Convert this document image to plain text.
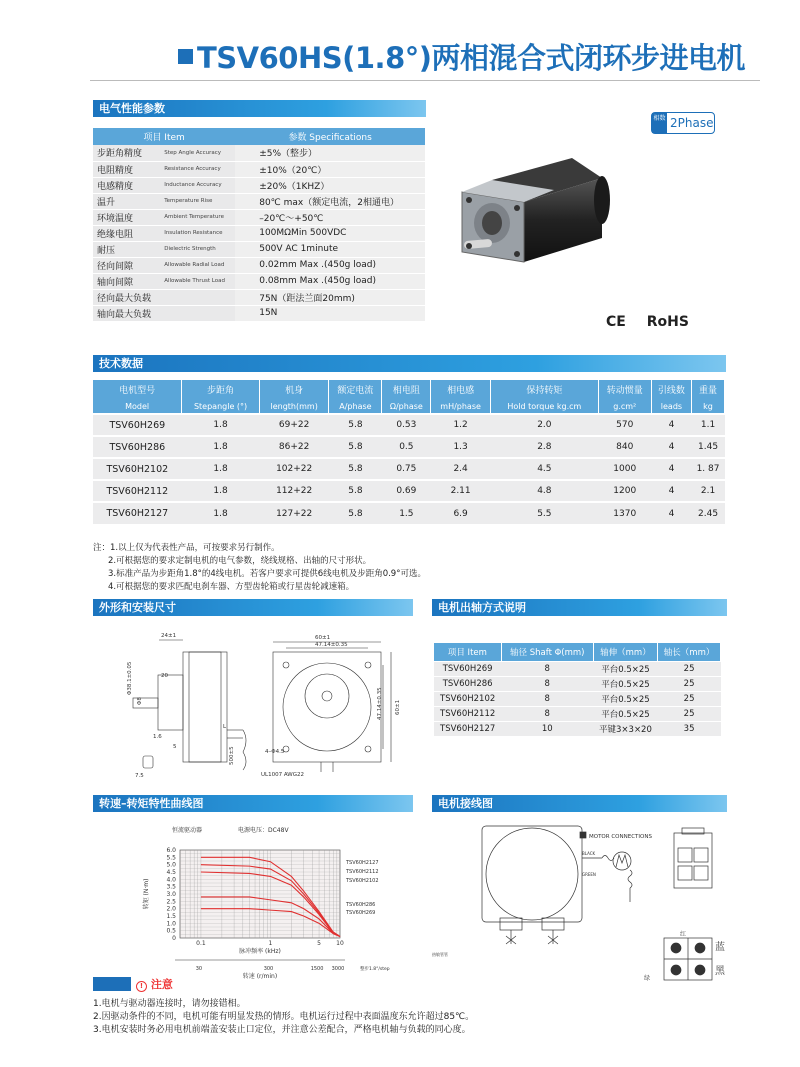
TSV60HS(1.8°)两相混合式闭环步进电机
电气性能参数
项目 Item		参数 Specifications
步距角精度	Step Angle Accuracy	±5%（整步）
电阻精度	Resistance Accuracy	±10%（20℃）
电感精度	Inductance Accuracy	±20%（1KHZ）
温升	Temperature Rise	80℃ max（额定电流，2相通电）
环境温度	Ambient Temperature	–20℃～+50℃
绝缘电阻	Insulation Resistance	100MΩMin 500VDC
耐压	Dielectric Strength	500V AC 1minute
径向间隙	Allowable Radial Load	0.02mm Max .(450g load)
轴向间隙	Allowable Thrust Load	0.08mm Max .(450g load)
径向最大负载		75N（距法兰面20mm)
轴向最大负载		15N
相数 2Phase
CE RoHS
技术数据
电机型号	步距角	机身	额定电流	相电阻	相电感	保持转矩	转动惯量	引线数	重量
Model	Stepangle (°)	length(mm)	A/phase	Ω/phase	mH/phase	Hold torque kg.cm	g.cm²	leads	kg
TSV60H269	1.8	69+22	5.8	0.53	1.2	2.0	570	4	1.1
TSV60H286	1.8	86+22	5.8	0.5	1.3	2.8	840	4	1.45
TSV60H2102	1.8	102+22	5.8	0.75	2.4	4.5	1000	4	1. 87
TSV60H2112	1.8	112+22	5.8	0.69	2.11	4.8	1200	4	2.1
TSV60H2127	1.8	127+22	5.8	1.5	6.9	5.5	1370	4	2.45
注：1.以上仅为代表性产品，可按要求另行制作。
2.可根据您的要求定制电机的电气参数，绕线规格、出轴的尺寸形状。
3.标准产品为步距角1.8°的4线电机。若客户要求可提供6线电机及步距角0.9°可选。
4.可根据您的要求匹配电刹车器、方型齿轮箱或行星齿轮减速箱。
外形和安装尺寸
24±1	60±1
47.14±0.35
20
Φ38.1±0.05
Φ8
1.6
5
7.5
4–Φ4.5
L
500±5
UL1007 AWG22
47.14±0.35 60±1
电机出轴方式说明
项目 Item	轴径 Shaft Φ(mm)	轴伸（mm）	轴长（mm）
TSV60H269	8	平台0.5×25	25
TSV60H286	8	平台0.5×25	25
TSV60H2102	8	平台0.5×25	25
TSV60H2112	8	平台0.5×25	25
TSV60H2127	10	平键3×3×20	35
转速–转矩特性曲线图
0
0.5
1.0
1.5
2.0
2.5
3.0
3.5
4.0
4.5
5.0
5.5
6.0
0.1	1	5	10
30	300	1500 3000
脉冲频率 (kHz)
转速 (r/min)
整步1.8°/step
转矩 (N·m)
恒流驱动器	电源电压：DC48V
TSV60H2127
TSV60H2112
TSV60H2102
TSV60H286
TSV60H269
电机接线图
MOTOR CONNECTIONS
BLACK
GREEN
热敏管管
蓝
黑
绿
红
! 注意
1.电机与驱动器连接时，请勿接错相。
2.因驱动条件的不同，电机可能有明显发热的情形。电机运行过程中表面温度东允许超过85℃。
3.电机安装时务必用电机前端盖安装止口定位，并注意公差配合，严格电机轴与负载的同心度。
